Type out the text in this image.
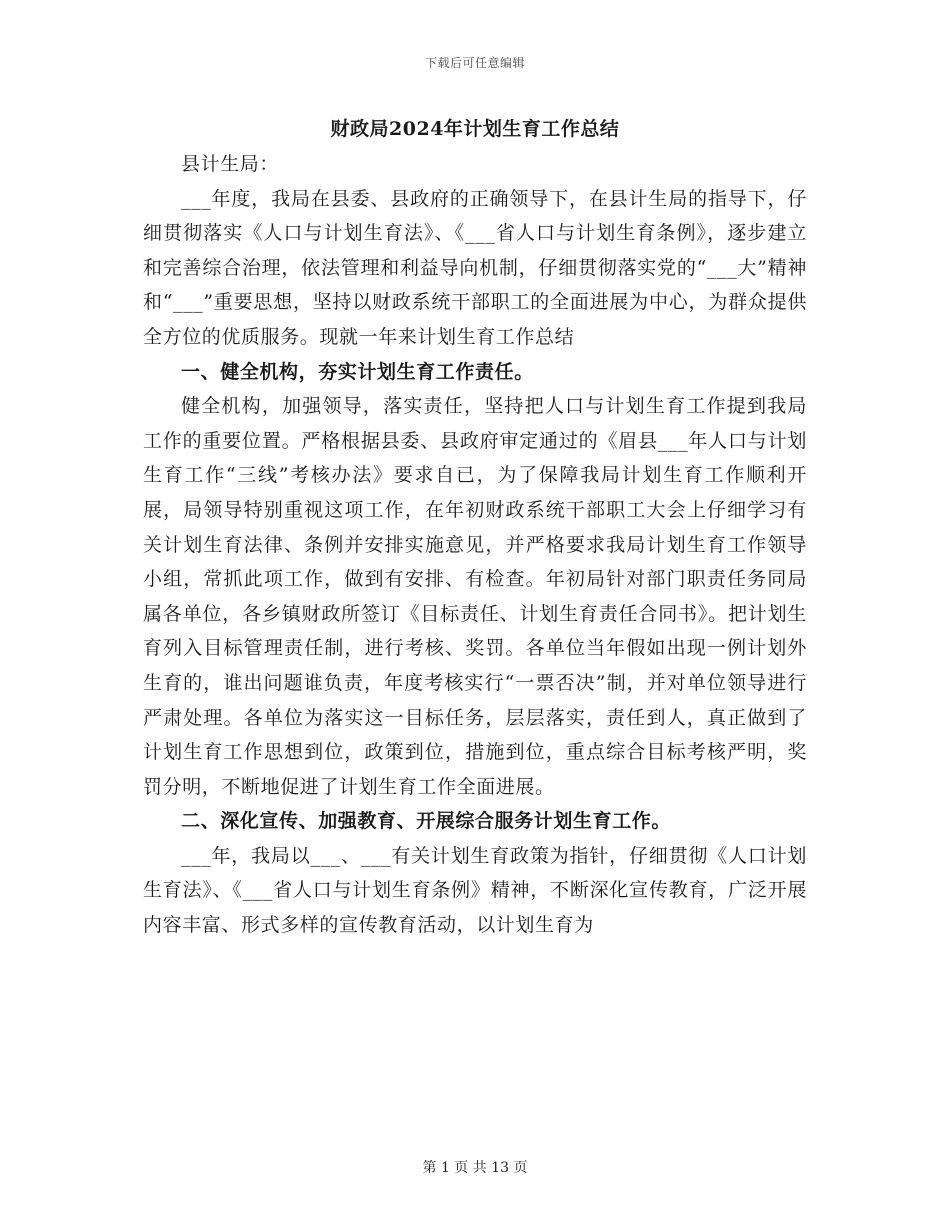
下载后可任意编辑
财政局2024年计划生育工作总结

县计生局：

___年度，我局在县委、县政府的正确领导下，在县计生局的指导下，仔细贯彻落实《人口与计划生育法》、《___省人口与计划生育条例》，逐步建立和完善综合治理，依法管理和利益导向机制，仔细贯彻落实党的“___大”精神和“___”重要思想，坚持以财政系统干部职工的全面进展为中心，为群众提供全方位的优质服务。现就一年来计划生育工作总结

一、健全机构，夯实计划生育工作责任。

健全机构，加强领导，落实责任，坚持把人口与计划生育工作提到我局工作的重要位置。严格根据县委、县政府审定通过的《眉县___年人口与计划生育工作“三线”考核办法》要求自已，为了保障我局计划生育工作顺利开展，局领导特别重视这项工作，在年初财政系统干部职工大会上仔细学习有关计划生育法律、条例并安排实施意见，并严格要求我局计划生育工作领导小组，常抓此项工作，做到有安排、有检查。年初局针对部门职责任务同局属各单位，各乡镇财政所签订《目标责任、计划生育责任合同书》。把计划生育列入目标管理责任制，进行考核、奖罚。各单位当年假如出现一例计划外生育的，谁出问题谁负责，年度考核实行“一票否决”制，并对单位领导进行严肃处理。各单位为落实这一目标任务，层层落实，责任到人，真正做到了计划生育工作思想到位，政策到位，措施到位，重点综合目标考核严明，奖罚分明，不断地促进了计划生育工作全面进展。

二、深化宣传、加强教育、开展综合服务计划生育工作。

___年，我局以___、___有关计划生育政策为指针，仔细贯彻《人口计划生育法》、《___省人口与计划生育条例》精神，不断深化宣传教育，广泛开展内容丰富、形式多样的宣传教育活动，以计划生育为

第 1 页 共 13 页
